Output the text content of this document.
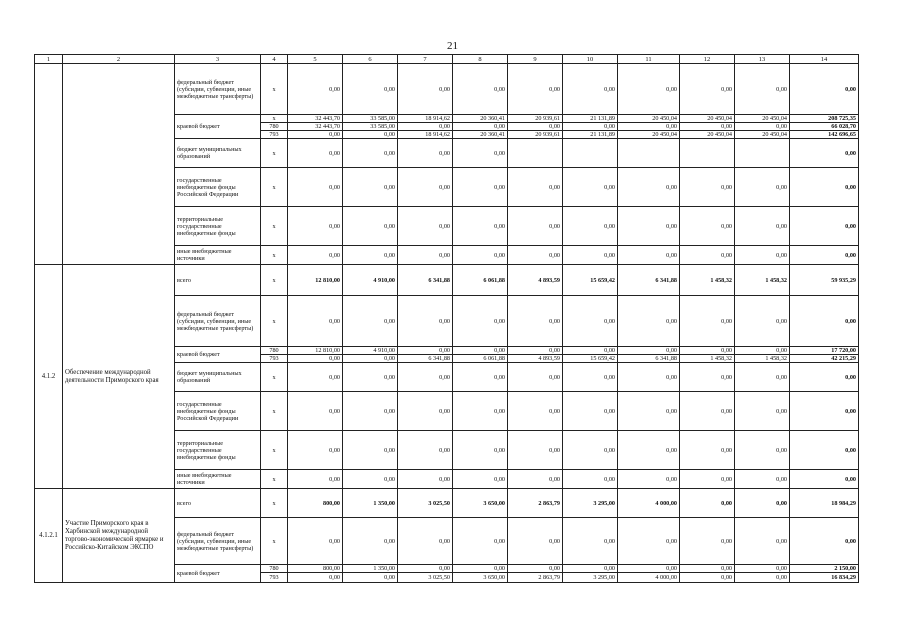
21
1	2	3	4	5	6	7	8	9	10	11	12	13	14
		федеральный бюджет (субсидии, субвенции, иные межбюджетные трансферты)	x	0,00	0,00	0,00	0,00	0,00	0,00	0,00	0,00	0,00	0,00
		краевой бюджет	x	32 443,70	33 585,00	18 914,62	20 360,41	20 939,61	21 131,89	20 450,04	20 450,04	20 450,04	208 725,35
			780	32 443,70	33 585,00	0,00	0,00	0,00	0,00	0,00	0,00	0,00	66 028,70
			793	0,00	0,00	18 914,62	20 360,41	20 939,61	21 131,89	20 450,04	20 450,04	20 450,04	142 696,65
		бюджет муниципальных образований	x	0,00	0,00	0,00	0,00						0,00
		государственные внебюджетные фонды Российской Федерации	x	0,00	0,00	0,00	0,00	0,00	0,00	0,00	0,00	0,00	0,00
		территориальные государственные внебюджетные фонды	x	0,00	0,00	0,00	0,00	0,00	0,00	0,00	0,00	0,00	0,00
		иные внебюджетные источники	x	0,00	0,00	0,00	0,00	0,00	0,00	0,00	0,00	0,00	0,00
4.1.2	Обеспечение международной деятельности Приморского края	всего	x	12 810,00	4 910,00	6 341,88	6 061,88	4 893,59	15 659,42	6 341,88	1 458,32	1 458,32	59 935,29
		федеральный бюджет (субсидии, субвенции, иные межбюджетные трансферты)	x	0,00	0,00	0,00	0,00	0,00	0,00	0,00	0,00	0,00	0,00
		краевой бюджет	780	12 810,00	4 910,00	0,00	0,00	0,00	0,00	0,00	0,00	0,00	17 720,00
			793	0,00	0,00	6 341,88	6 061,88	4 893,59	15 659,42	6 341,88	1 458,32	1 458,32	42 215,29
		бюджет муниципальных образований	x	0,00	0,00	0,00	0,00	0,00	0,00	0,00	0,00	0,00	0,00
		государственные внебюджетные фонды Российской Федерации	x	0,00	0,00	0,00	0,00	0,00	0,00	0,00	0,00	0,00	0,00
		территориальные государственные внебюджетные фонды	x	0,00	0,00	0,00	0,00	0,00	0,00	0,00	0,00	0,00	0,00
		иные внебюджетные источники	x	0,00	0,00	0,00	0,00	0,00	0,00	0,00	0,00	0,00	0,00
4.1.2.1	Участие Приморского края в Харбинской международной торгово-экономической ярмарке и Российско-Китайском ЭКСПО	всего	x	800,00	1 350,00	3 025,50	3 650,00	2 863,79	3 295,00	4 000,00	0,00	0,00	18 984,29
		федеральный бюджет (субсидии, субвенции, иные межбюджетные трансферты)	x	0,00	0,00	0,00	0,00	0,00	0,00	0,00	0,00	0,00	0,00
		краевой бюджет	780	800,00	1 350,00	0,00	0,00	0,00	0,00	0,00	0,00	0,00	2 150,00
			793	0,00	0,00	3 025,50	3 650,00	2 863,79	3 295,00	4 000,00	0,00	0,00	16 834,29
